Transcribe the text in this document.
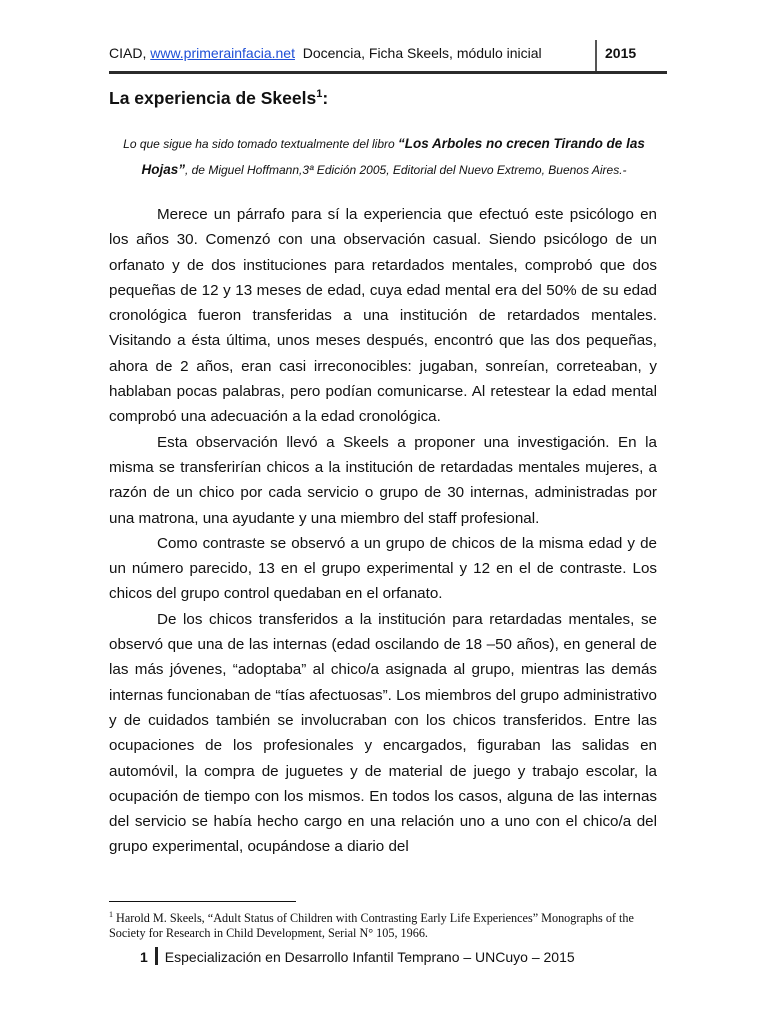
CIAD, www.primerainfacia.net Docencia, Ficha Skeels, módulo inicial	2015
La experiencia de Skeels$^1$:
Lo que sigue ha sido tomado textualmente del libro “Los Arboles no crecen Tirando de las
Hojas”, de Miguel Hoffmann,3ª Edición 2005, Editorial del Nuevo Extremo, Buenos Aires.-

Merece un párrafo para sí la experiencia que efectuó este psicólogo en los años 30. Comenzó con una observación casual. Siendo psicólogo de un orfanato y de dos instituciones para retardados mentales, comprobó que dos pequeñas de 12 y 13 meses de edad, cuya edad mental era del 50% de su edad cronológica fueron transferidas a una institución de retardados mentales. Visitando a ésta última, unos meses después, encontró que las dos pequeñas, ahora de 2 años, eran casi irreconocibles: jugaban, sonreían, correteaban, y hablaban pocas palabras, pero podían comunicarse. Al retestear la edad mental comprobó una adecuación a la edad cronológica.

Esta observación llevó a Skeels a proponer una investigación. En la misma se transferirían chicos a la institución de retardadas mentales mujeres, a razón de un chico por cada servicio o grupo de 30 internas, administradas por una matrona, una ayudante y una miembro del staff profesional.

Como contraste se observó a un grupo de chicos de la misma edad y de un número parecido, 13 en el grupo experimental y 12 en el de contraste. Los chicos del grupo control quedaban en el orfanato.

De los chicos transferidos a la institución para retardadas mentales, se observó que una de las internas (edad oscilando de 18 –50 años), en general de las más jóvenes, “adoptaba” al chico/a asignada al grupo, mientras las demás internas funcionaban de “tías afectuosas”. Los miembros del grupo administrativo y de cuidados también se involucraban con los chicos transferidos. Entre las ocupaciones de los profesionales y encargados, figuraban las salidas en automóvil, la compra de juguetes y de material de juego y trabajo escolar, la ocupación de tiempo con los mismos. En todos los casos, alguna de las internas del servicio se había hecho cargo en una relación uno a uno con el chico/a del grupo experimental, ocupándose a diario del

$^1$ Harold M. Skeels, “Adult Status of Children with Contrasting Early Life Experiences” Monographs of the Society for Research in Child Development, Serial N° 105, 1966.
1 Especialización en Desarrollo Infantil Temprano – UNCuyo – 2015
